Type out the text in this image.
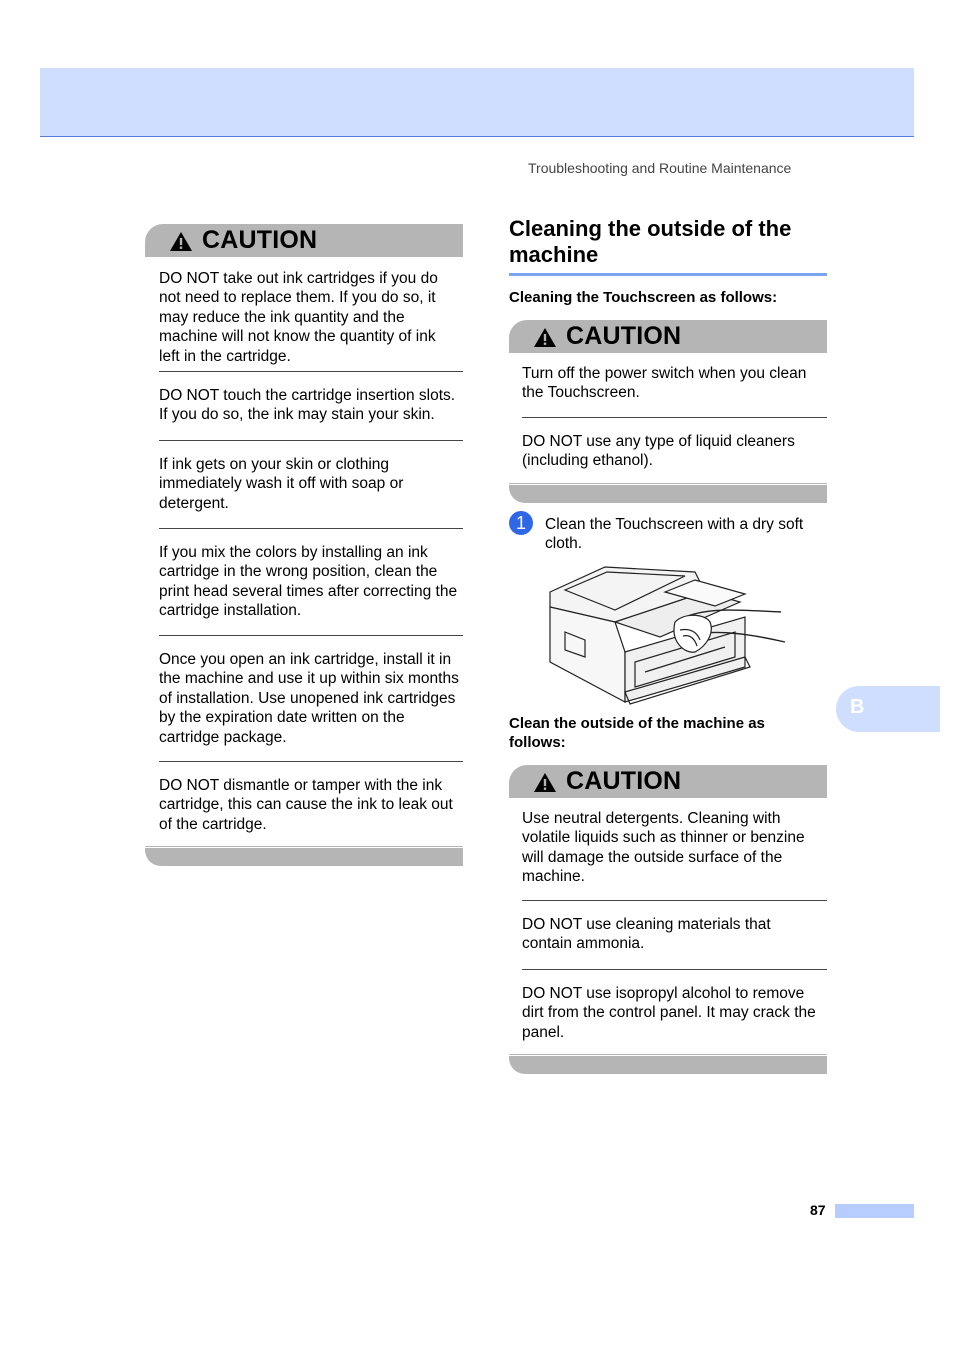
Troubleshooting and Routine Maintenance
CAUTION
DO NOT take out ink cartridges if you do not need to replace them. If you do so, it may reduce the ink quantity and the machine will not know the quantity of ink left in the cartridge.
DO NOT touch the cartridge insertion slots. If you do so, the ink may stain your skin.
If ink gets on your skin or clothing immediately wash it off with soap or detergent.
If you mix the colors by installing an ink cartridge in the wrong position, clean the print head several times after correcting the cartridge installation.
Once you open an ink cartridge, install it in the machine and use it up within six months of installation. Use unopened ink cartridges by the expiration date written on the cartridge package.
DO NOT dismantle or tamper with the ink cartridge, this can cause the ink to leak out of the cartridge.
Cleaning the outside of the machine
Cleaning the Touchscreen as follows:
CAUTION
Turn off the power switch when you clean the Touchscreen.
DO NOT use any type of liquid cleaners (including ethanol).
1	Clean the Touchscreen with a dry soft cloth.
Clean the outside of the machine as follows:
CAUTION
Use neutral detergents. Cleaning with volatile liquids such as thinner or benzine will damage the outside surface of the machine.
DO NOT use cleaning materials that contain ammonia.
DO NOT use isopropyl alcohol to remove dirt from the control panel. It may crack the panel.
B
87
